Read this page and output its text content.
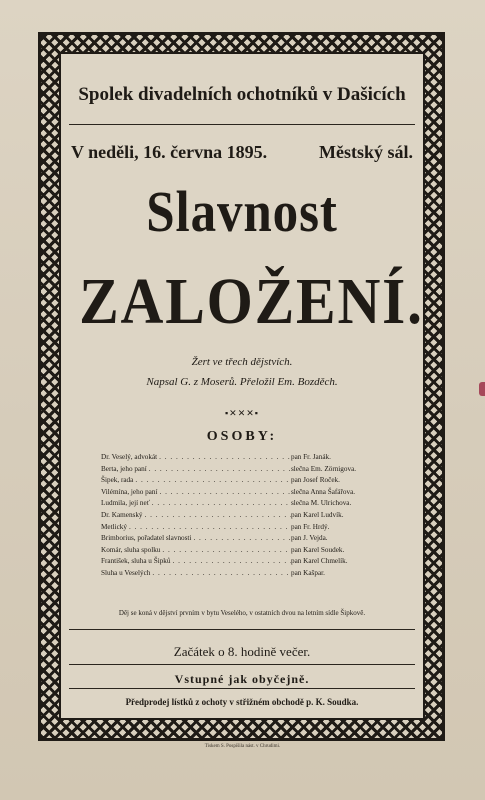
Spolek divadelních ochotníků v Dašicích
V neděli, 16. června 1895.	Městský sál.
Slavnost
ZALOŽENÍ.
Žert ve třech dějstvích.
Napsal G. z Moserů. Přeložil Em. Bozděch.
▪✕✕✕▪
OSOBY:
Dr. Veselý, advokát . . .	pan Fr. Janák.
Berta, jeho paní . . .	slečna Em. Zörnigova.
Šipek, rada . . .	pan Josef Roček.
Vilémína, jeho paní . . .	slečna Anna Šafářova.
Ludmila, její neť . . .	slečna M. Ulrichova.
Dr. Kamenský . . .	pan Karel Ludvík.
Metlický . . .	pan Fr. Hrdý.
Brimborius, pořadatel slavnosti . . .	pan J. Vejda.
Komár, sluha spolku . . .	pan Karel Soudek.
František, sluha u Šipků . . .	pan Karel Chmelík.
Sluha u Veselých . . .	pan Kašpar.
Děj se koná v dějství prvním v bytu Veselého, v ostatních dvou na letním sídle Šipkově.
Začátek o 8. hodině večer.
Vstupné jak obyčejně.
Předprodej lístků z ochoty v střižném obchodě p. K. Soudka.
Tiskem S. Pospíšila nást. v Chrudimi.
